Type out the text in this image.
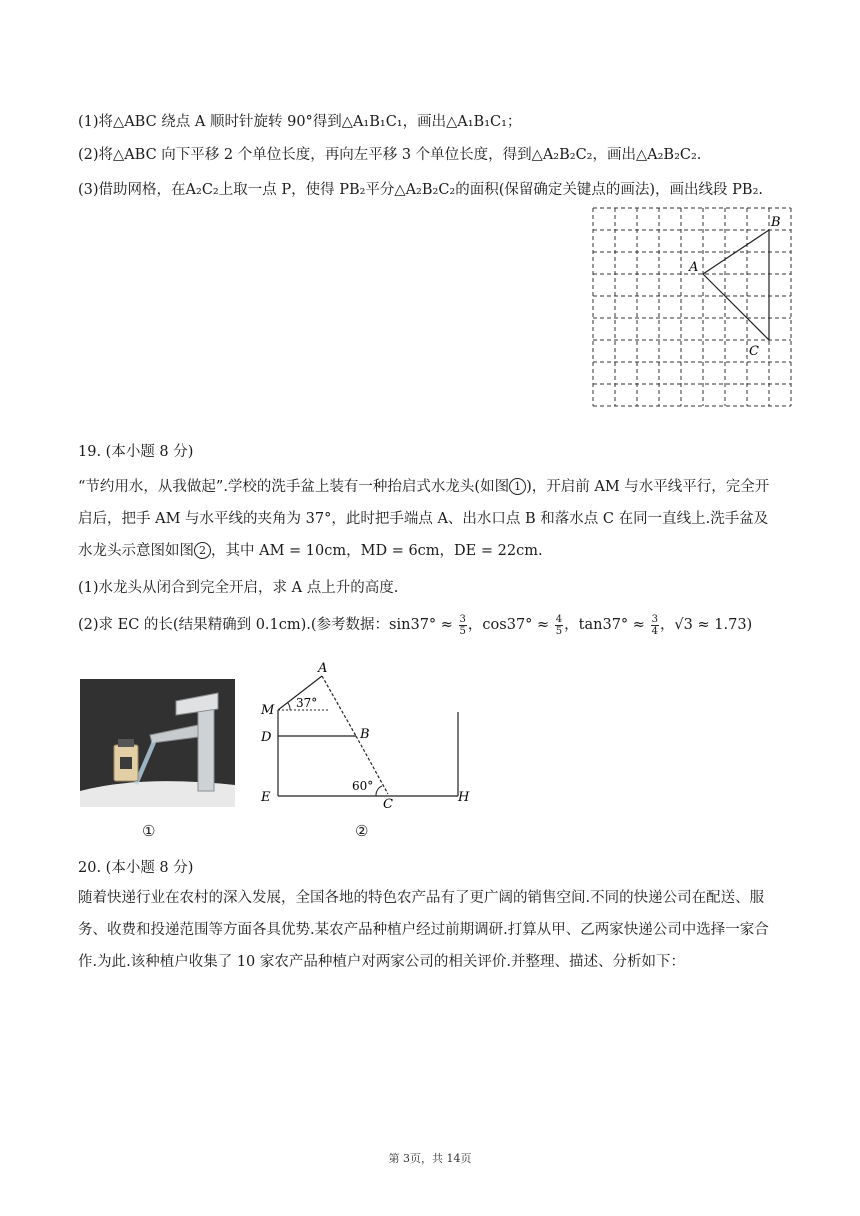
(1)将△ABC 绕点 A 顺时针旋转 90°得到△A₁B₁C₁，画出△A₁B₁C₁；
(2)将△ABC 向下平移 2 个单位长度，再向左平移 3 个单位长度，得到△A₂B₂C₂，画出△A₂B₂C₂.
(3)借助网格，在A₂C₂上取一点 P，使得 PB₂平分△A₂B₂C₂的面积(保留确定关键点的画法)，画出线段 PB₂.
A
B
C
19. (本小题 8 分)
“节约用水，从我做起”.学校的洗手盆上装有一种抬启式水龙头(如图 1 )，开启前 AM 与水平线平行，完全开启后，把手 AM 与水平线的夹角为 37°，此时把手端点 A、出水口点 B 和落水点 C 在同一直线上.洗手盆及水龙头示意图如图 2 ，其中 AM = 10cm，MD = 6cm，DE = 22cm.
(1)水龙头从闭合到完全开启，求 A 点上升的高度.
(2)求 EC 的长(结果精确到 0.1cm).(参考数据：$\sin 37^\circ \approx \frac{3}{5}$ ，$\cos 37^\circ \approx \frac{4}{5}$ ，$\tan 37^\circ \approx \frac{3}{4}$ ，√3 ≈ 1.73)
①
A
M
D	B
E	C	H
37°
60°
②
20. (本小题 8 分)
随着快递行业在农村的深入发展，全国各地的特色农产品有了更广阔的销售空间.不同的快递公司在配送、服务、收费和投递范围等方面各具优势.某农产品种植户经过前期调研.打算从甲、乙两家快递公司中选择一家合作.为此.该种植户收集了 10 家农产品种植户对两家公司的相关评价.并整理、描述、分析如下：
第 3页，共 14页
